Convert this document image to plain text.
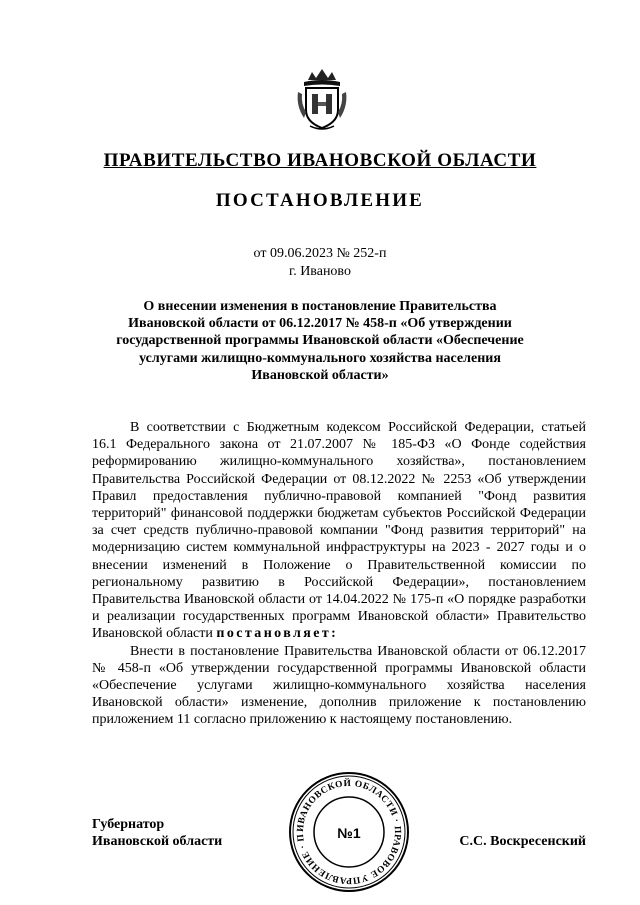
ПРАВИТЕЛЬСТВО ИВАНОВСКОЙ ОБЛАСТИ
ПОСТАНОВЛЕНИЕ
от 09.06.2023 № 252-п
г. Иваново
О внесении изменения в постановление Правительства
Ивановской области от 06.12.2017 № 458-п «Об утверждении
государственной программы Ивановской области «Обеспечение
услугами жилищно-коммунального хозяйства населения
Ивановской области»

В соответствии с Бюджетным кодексом Российской Федерации, статьей 16.1 Федерального закона от 21.07.2007 № 185-ФЗ «О Фонде содействия реформированию жилищно-коммунального хозяйства», постановлением Правительства Российской Федерации от 08.12.2022 № 2253 «Об утверждении Правил предоставления публично-правовой компанией "Фонд развития территорий" финансовой поддержки бюджетам субъектов Российской Федерации за счет средств публично-правовой компании "Фонд развития территорий" на модернизацию систем коммунальной инфраструктуры на 2023 - 2027 годы и о внесении изменений в Положение о Правительственной комиссии по региональному развитию в Российской Федерации», постановлением Правительства Ивановской области от 14.04.2022 № 175-п «О порядке разработки и реализации государственных программ Ивановской области» Правительство Ивановской области постановляет:

Внести в постановление Правительства Ивановской области от 06.12.2017 № 458-п «Об утверждении государственной программы Ивановской области «Обеспечение услугами жилищно-коммунального хозяйства населения Ивановской области» изменение, дополнив приложение к постановлению приложением 11 согласно приложению к настоящему постановлению.

Губернатор
Ивановской области	С.С. Воскресенский
ИВАНОВСКОЙ ОБЛАСТИ · ПРАВОВОЕ УПРАВЛЕНИЕ · П	№1
